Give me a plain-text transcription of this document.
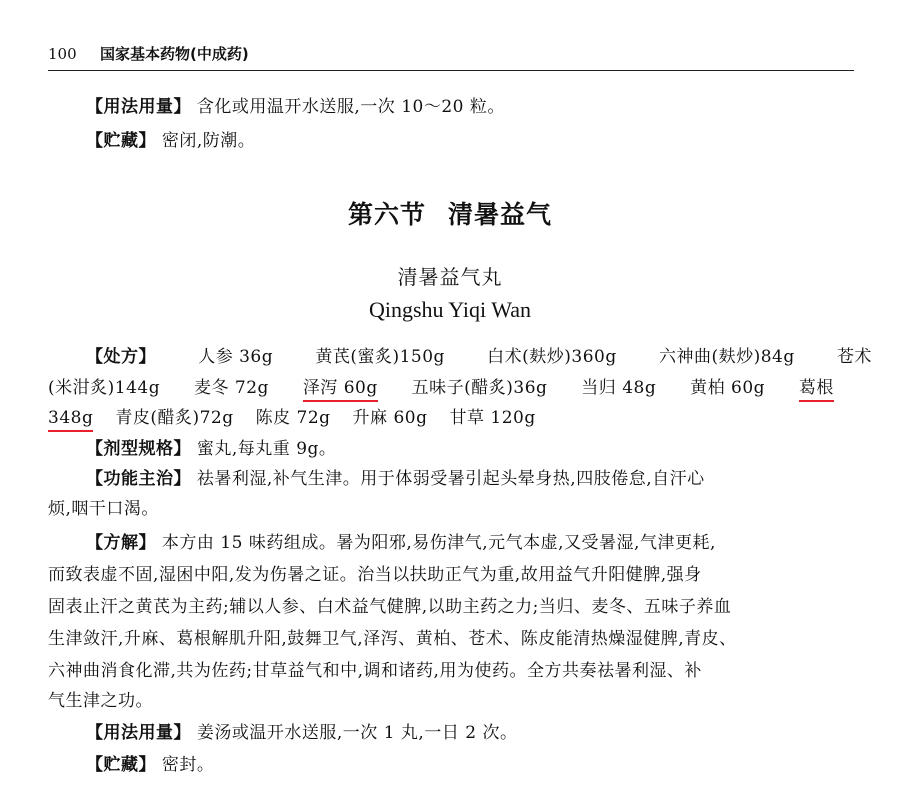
100 国家基本药物(中成药)
【用法用量】 含化或用温开水送服,一次 10～20 粒。
【贮藏】 密闭,防潮。
第六节 清暑益气
清暑益气丸
Qingshu Yiqi Wan
【处方】 人参 36g 黄芪(蜜炙)150g 白术(麸炒)360g 六神曲(麸炒)84g 苍术
(米泔炙)144g 麦冬 72g 泽泻 60g 五味子(醋炙)36g 当归 48g 黄柏 60g 葛根
348g 青皮(醋炙)72g 陈皮 72g 升麻 60g 甘草 120g
【剂型规格】 蜜丸,每丸重 9g。
【功能主治】 祛暑利湿,补气生津。用于体弱受暑引起头晕身热,四肢倦怠,自汗心
烦,咽干口渴。
【方解】 本方由 15 味药组成。暑为阳邪,易伤津气,元气本虚,又受暑湿,气津更耗,
而致表虚不固,湿困中阳,发为伤暑之证。治当以扶助正气为重,故用益气升阳健脾,强身
固表止汗之黄芪为主药;辅以人参、白术益气健脾,以助主药之力;当归、麦冬、五味子养血
生津敛汗,升麻、葛根解肌升阳,鼓舞卫气,泽泻、黄柏、苍术、陈皮能清热燥湿健脾,青皮、
六神曲消食化滞,共为佐药;甘草益气和中,调和诸药,用为使药。全方共奏祛暑利湿、补
气生津之功。
【用法用量】 姜汤或温开水送服,一次 1 丸,一日 2 次。
【贮藏】 密封。
